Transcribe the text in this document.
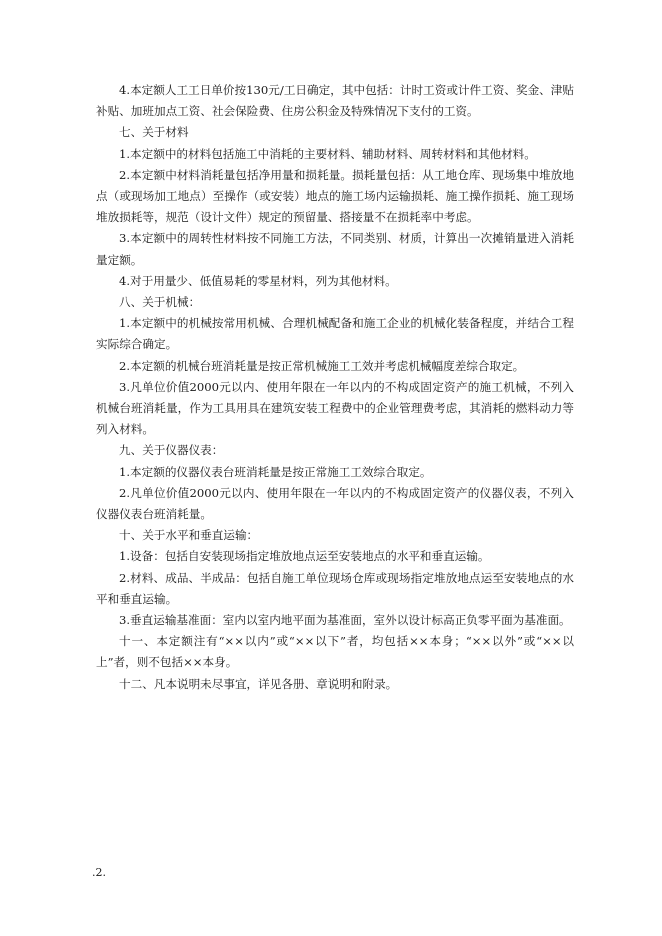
4.本定额人工工日单价按130元/工日确定，其中包括：计时工资或计件工资、奖金、津贴补贴、加班加点工资、社会保险费、住房公积金及特殊情况下支付的工资。

七、关于材料

1.本定额中的材料包括施工中消耗的主要材料、辅助材料、周转材料和其他材料。

2.本定额中材料消耗量包括净用量和损耗量。损耗量包括：从工地仓库、现场集中堆放地点（或现场加工地点）至操作（或安装）地点的施工场内运输损耗、施工操作损耗、施工现场堆放损耗等，规范（设计文件）规定的预留量、搭接量不在损耗率中考虑。

3.本定额中的周转性材料按不同施工方法，不同类别、材质，计算出一次摊销量进入消耗量定额。

4.对于用量少、低值易耗的零星材料，列为其他材料。

八、关于机械：

1.本定额中的机械按常用机械、合理机械配备和施工企业的机械化装备程度，并结合工程实际综合确定。

2.本定额的机械台班消耗量是按正常机械施工工效并考虑机械幅度差综合取定。

3.凡单位价值2000元以内、使用年限在一年以内的不构成固定资产的施工机械，不列入机械台班消耗量，作为工具用具在建筑安装工程费中的企业管理费考虑，其消耗的燃料动力等列入材料。

九、关于仪器仪表：

1.本定额的仪器仪表台班消耗量是按正常施工工效综合取定。

2.凡单位价值2000元以内、使用年限在一年以内的不构成固定资产的仪器仪表，不列入仪器仪表台班消耗量。

十、关于水平和垂直运输：

1.设备：包括自安装现场指定堆放地点运至安装地点的水平和垂直运输。

2.材料、成品、半成品：包括自施工单位现场仓库或现场指定堆放地点运至安装地点的水平和垂直运输。

3.垂直运输基准面：室内以室内地平面为基准面，室外以设计标高正负零平面为基准面。

十一、本定额注有“××以内”或“××以下”者，均包括××本身；“××以外”或“××以上”者，则不包括××本身。

十二、凡本说明未尽事宜，详见各册、章说明和附录。

.2.
